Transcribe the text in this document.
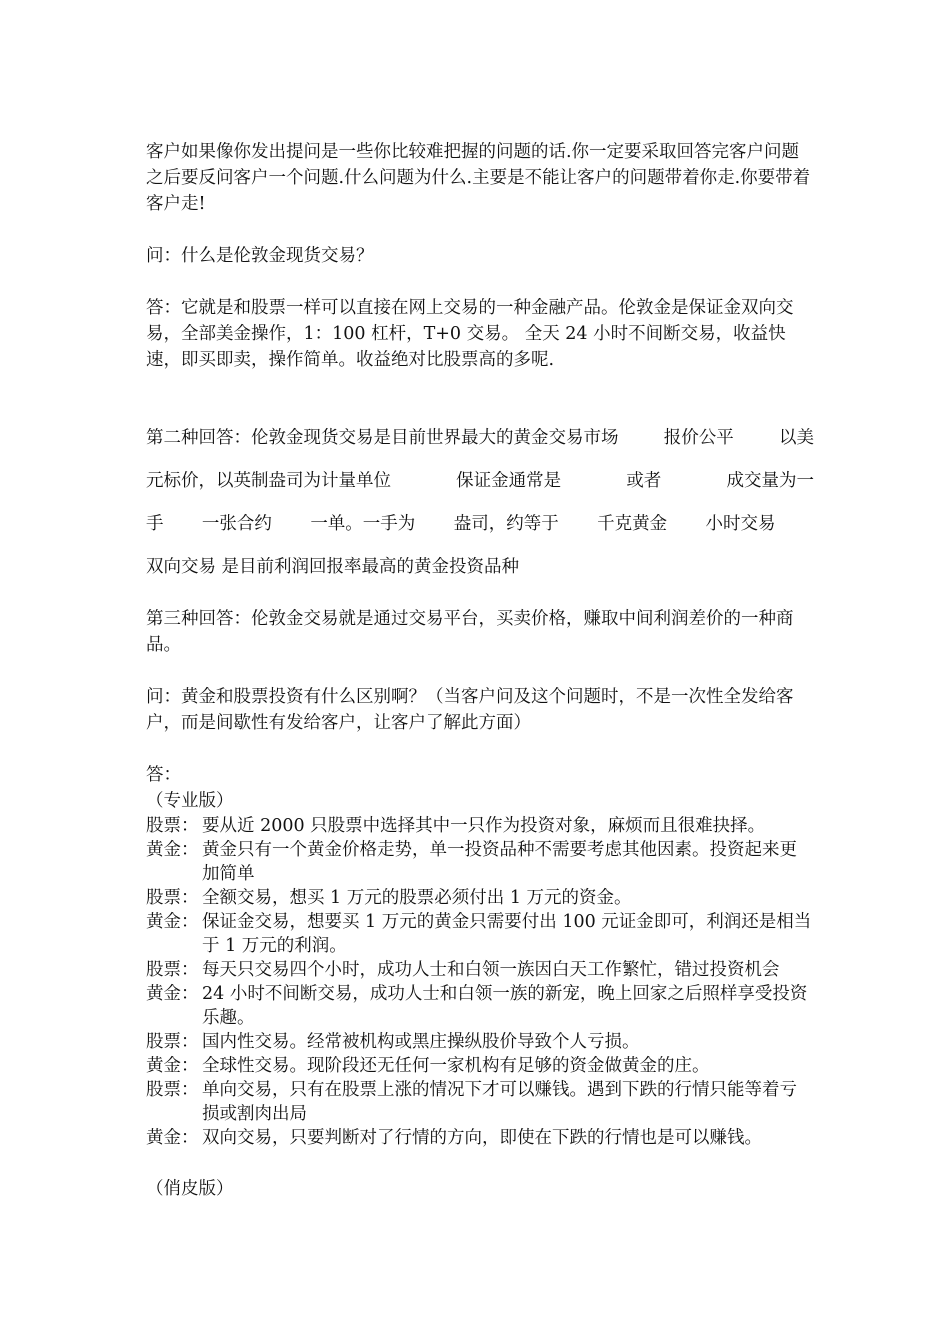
客户如果像你发出提问是一些你比较难把握的问题的话.你一定要采取回答完客户问题之后要反问客户一个问题.什么问题为什么.主要是不能让客户的问题带着你走.你要带着客户走!

问：什么是伦敦金现货交易？

答：它就是和股票一样可以直接在网上交易的一种金融产品。伦敦金是保证金双向交易，全部美金操作，1：100 杠杆，T+0 交易。 全天 24 小时不间断交易，收益快速，即买即卖，操作简单。收益绝对比股票高的多呢.

第二种回答：伦敦金现货交易是目前世界最大的黄金交易市场	报价公平	以美
元标价，以英制盎司为计量单位	保证金通常是	或者	成交量为一
手 一张合约 一单。一手为 盎司，约等于 千克黄金 小时交易

双向交易 是目前利润回报率最高的黄金投资品种

第三种回答：伦敦金交易就是通过交易平台，买卖价格，赚取中间利润差价的一种商品。

问：黄金和股票投资有什么区别啊？（当客户问及这个问题时，不是一次性全发给客户，而是间歇性有发给客户，让客户了解此方面）

答：

（专业版）

股票： 要从近 2000 只股票中选择其中一只作为投资对象，麻烦而且很难抉择。
黄金： 黄金只有一个黄金价格走势，单一投资品种不需要考虑其他因素。投资起来更加简单
股票： 全额交易，想买 1 万元的股票必须付出 1 万元的资金。
黄金： 保证金交易，想要买 1 万元的黄金只需要付出 100 元证金即可，利润还是相当于 1 万元的利润。
股票： 每天只交易四个小时，成功人士和白领一族因白天工作繁忙，错过投资机会
黄金： 24 小时不间断交易，成功人士和白领一族的新宠，晚上回家之后照样享受投资乐趣。
股票： 国内性交易。经常被机构或黑庄操纵股价导致个人亏损。
黄金： 全球性交易。现阶段还无任何一家机构有足够的资金做黄金的庄。
股票： 单向交易，只有在股票上涨的情况下才可以赚钱。遇到下跌的行情只能等着亏损或割肉出局
黄金： 双向交易，只要判断对了行情的方向，即使在下跌的行情也是可以赚钱。

（俏皮版）
